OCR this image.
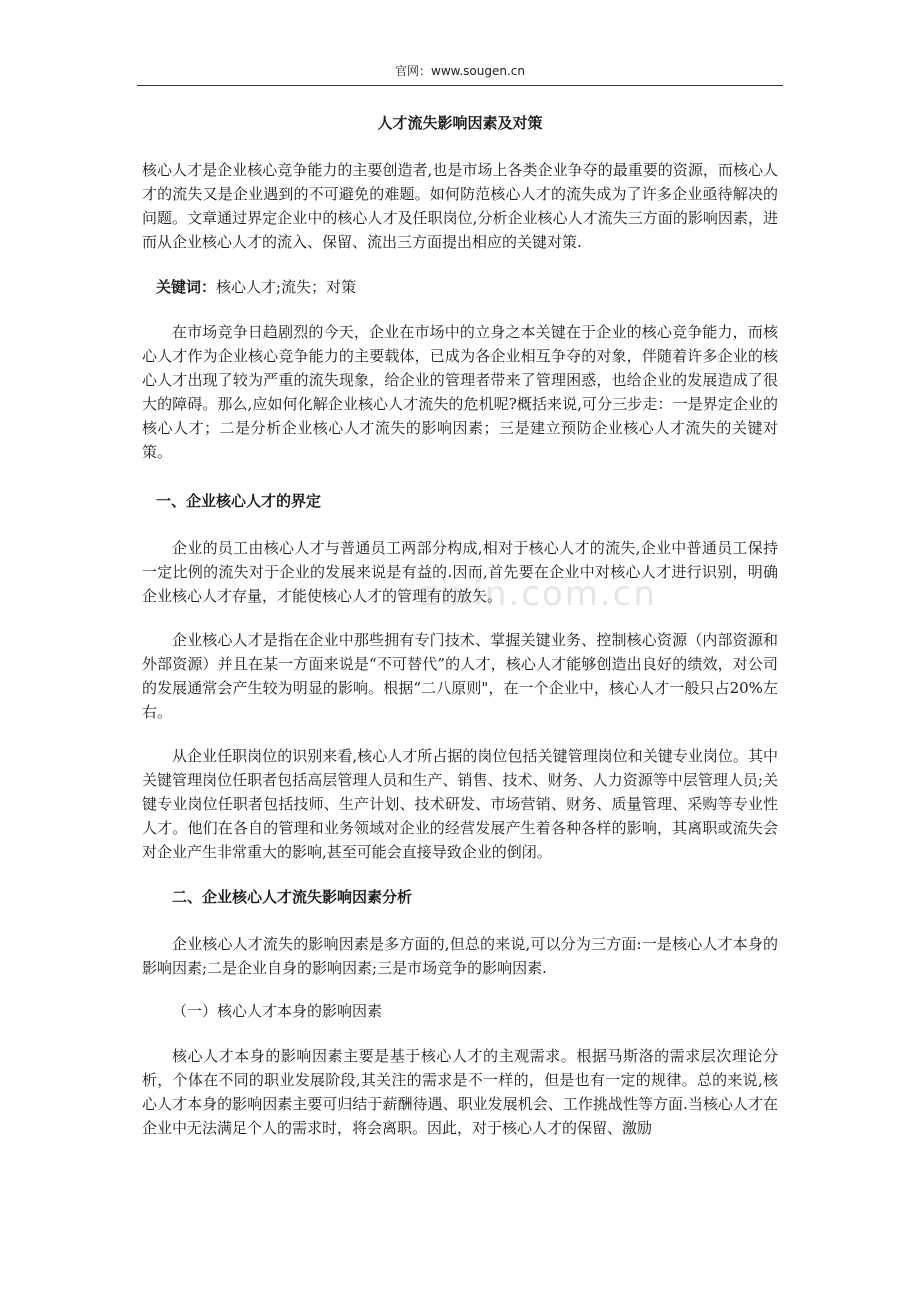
官网：www.sougen.cn
zixin.com.cn
人才流失影响因素及对策

核心人才是企业核心竞争能力的主要创造者,也是市场上各类企业争夺的最重要的资源，而核心人才的流失又是企业遇到的不可避免的难题。如何防范核心人才的流失成为了许多企业亟待解决的问题。文章通过界定企业中的核心人才及任职岗位,分析企业核心人才流失三方面的影响因素，进而从企业核心人才的流入、保留、流出三方面提出相应的关键对策.

关键词：核心人才;流失；对策

在市场竞争日趋剧烈的今天，企业在市场中的立身之本关键在于企业的核心竞争能力，而核心人才作为企业核心竞争能力的主要载体，已成为各企业相互争夺的对象，伴随着许多企业的核心人才出现了较为严重的流失现象，给企业的管理者带来了管理困惑，也给企业的发展造成了很大的障碍。那么,应如何化解企业核心人才流失的危机呢?概括来说,可分三步走：一是界定企业的核心人才；二是分析企业核心人才流失的影响因素；三是建立预防企业核心人才流失的关键对策。

一、企业核心人才的界定

企业的员工由核心人才与普通员工两部分构成,相对于核心人才的流失,企业中普通员工保持一定比例的流失对于企业的发展来说是有益的.因而,首先要在企业中对核心人才进行识别，明确企业核心人才存量，才能使核心人才的管理有的放矢。

企业核心人才是指在企业中那些拥有专门技术、掌握关键业务、控制核心资源（内部资源和外部资源）并且在某一方面来说是“不可替代”的人才，核心人才能够创造出良好的绩效，对公司的发展通常会产生较为明显的影响。根据“二八原则"，在一个企业中，核心人才一般只占20%左右。

从企业任职岗位的识别来看,核心人才所占据的岗位包括关键管理岗位和关键专业岗位。其中关键管理岗位任职者包括高层管理人员和生产、销售、技术、财务、人力资源等中层管理人员;关键专业岗位任职者包括技师、生产计划、技术研发、市场营销、财务、质量管理、采购等专业性人才。他们在各自的管理和业务领域对企业的经营发展产生着各种各样的影响，其离职或流失会对企业产生非常重大的影响,甚至可能会直接导致企业的倒闭。

二、企业核心人才流失影响因素分析

企业核心人才流失的影响因素是多方面的,但总的来说,可以分为三方面:一是核心人才本身的影响因素;二是企业自身的影响因素;三是市场竞争的影响因素.

（一）核心人才本身的影响因素

核心人才本身的影响因素主要是基于核心人才的主观需求。根据马斯洛的需求层次理论分析，个体在不同的职业发展阶段,其关注的需求是不一样的，但是也有一定的规律。总的来说,核心人才本身的影响因素主要可归结于薪酬待遇、职业发展机会、工作挑战性等方面.当核心人才在企业中无法满足个人的需求时，将会离职。因此，对于核心人才的保留、激励
